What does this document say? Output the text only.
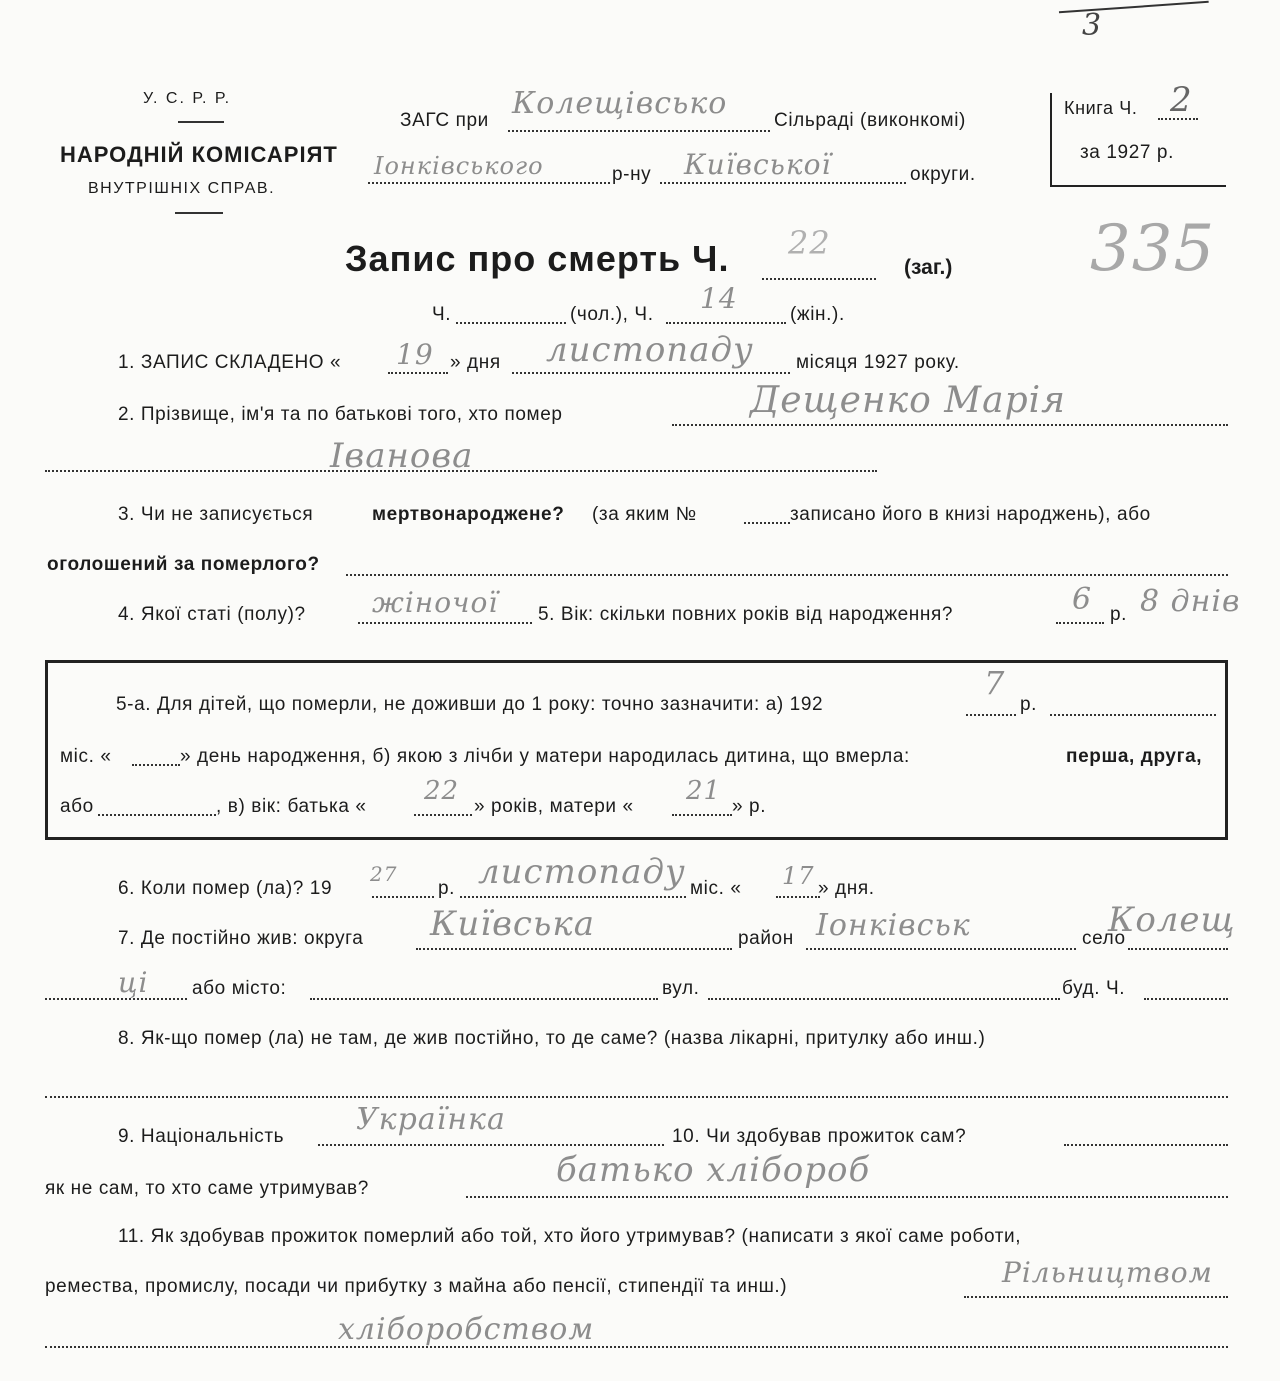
3
У. С. Р. Р.
НАРОДНІЙ КОМІСАРІЯТ
ВНУТРІШНІХ СПРАВ.
ЗАГС при Колещівсько Сільраді (виконкомі)
Іонківського	р-ну Київської	округи.
Книга Ч. 2
за 1927 р.
Запис про смерть Ч. 22
(заг.) 335
Ч.	(чол.), Ч. 14	(жін.).
1. ЗАПИС СКЛАДЕНО « 19 » дня листопаду місяця 1927 року.
2. Прізвище, ім'я та по батькові того, хто помер	Дещенко Марія
Іванова
3. Чи не записується	мертвонароджене? (за яким №	записано його в книзі народжень), або
оголошений за померлого?
4. Якої статі (полу)? жіночої 5. Вік: скільки повних років від народження?	6 р. 8 днів
5-а. Для дітей, що померли, не доживши до 1 року: точно зазначити: а) 192
7
р.
міс. «	» день народження, б) якою з лічби у матери народилась дитина, що вмерла:	перша, друга,
або	, в) вік: батька «
22
» років, матери «
21
» р.
6. Коли помер (ла)? 19
27
р. листопаду міс. « 17 » дня.
7. Де постійно жив: округа Київська	район Іонківськ	село
Колещ
ці або місто:	вул.	буд. Ч.
8. Як-що помер (ла) не там, де жив постійно, то де саме? (назва лікарні, притулку або инш.)
9. Національність Українка	10. Чи здобував прожиток сам?
як не сам, то хто саме утримував?	батько хлібороб
11. Як здобував прожиток померлий або той, хто його утримував? (написати з якої саме роботи,
ремества, промислу, посади чи прибутку з майна або пенсії, стипендії та инш.)	Рільництвом
хліборобством
